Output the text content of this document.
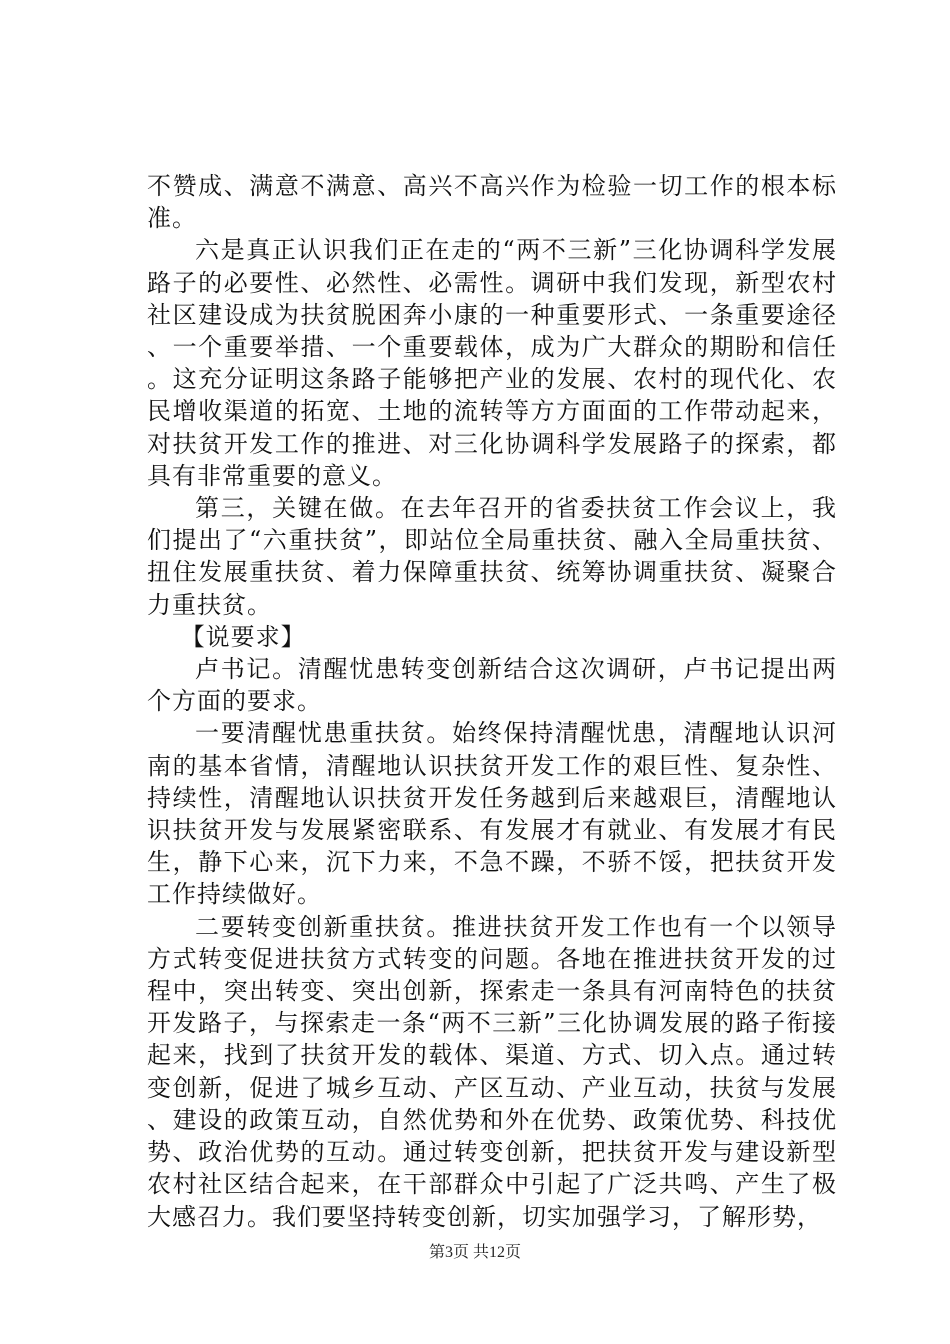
不赞成、满意不满意、高兴不高兴作为检验一切工作的根本标准。

六是真正认识我们正在走的“两不三新”三化协调科学发展路子的必要性、必然性、必需性。调研中我们发现，新型农村社区建设成为扶贫脱困奔小康的一种重要形式、一条重要途径、一个重要举措、一个重要载体，成为广大群众的期盼和信任。这充分证明这条路子能够把产业的发展、农村的现代化、农民增收渠道的拓宽、土地的流转等方方面面的工作带动起来，对扶贫开发工作的推进、对三化协调科学发展路子的探索，都具有非常重要的意义。

第三，关键在做。在去年召开的省委扶贫工作会议上，我们提出了“六重扶贫”，即站位全局重扶贫、融入全局重扶贫、扭住发展重扶贫、着力保障重扶贫、统筹协调重扶贫、凝聚合力重扶贫。

【说要求】

卢书记。清醒忧患转变创新结合这次调研，卢书记提出两个方面的要求。

一要清醒忧患重扶贫。始终保持清醒忧患，清醒地认识河南的基本省情，清醒地认识扶贫开发工作的艰巨性、复杂性、持续性，清醒地认识扶贫开发任务越到后来越艰巨，清醒地认识扶贫开发与发展紧密联系、有发展才有就业、有发展才有民生，静下心来，沉下力来，不急不躁，不骄不馁，把扶贫开发工作持续做好。

二要转变创新重扶贫。推进扶贫开发工作也有一个以领导方式转变促进扶贫方式转变的问题。各地在推进扶贫开发的过程中，突出转变、突出创新，探索走一条具有河南特色的扶贫开发路子，与探索走一条“两不三新”三化协调发展的路子衔接起来，找到了扶贫开发的载体、渠道、方式、切入点。通过转变创新，促进了城乡互动、产区互动、产业互动，扶贫与发展、建设的政策互动，自然优势和外在优势、政策优势、科技优势、政治优势的互动。通过转变创新，把扶贫开发与建设新型农村社区结合起来，在干部群众中引起了广泛共鸣、产生了极大感召力。我们要坚持转变创新，切实加强学习，了解形势，

第3页 共12页
